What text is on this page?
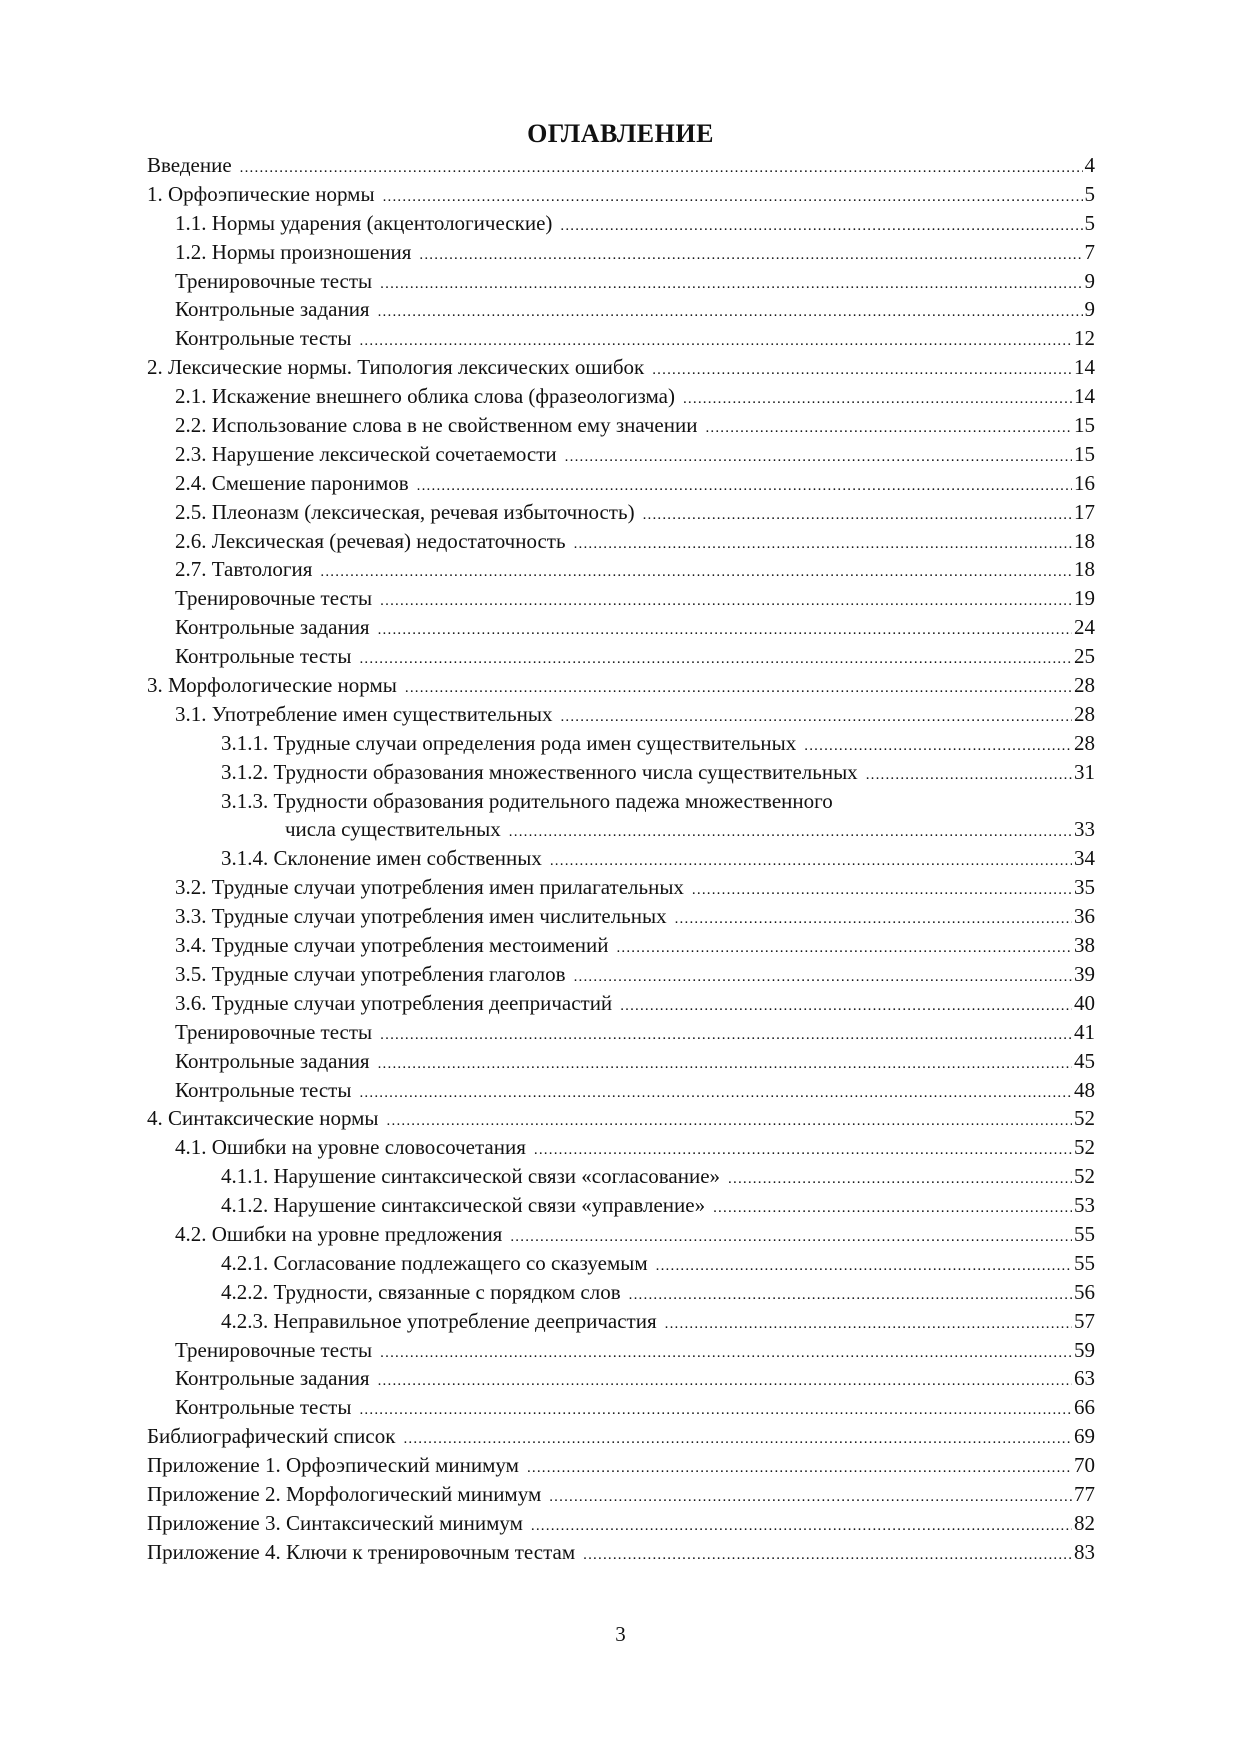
ОГЛАВЛЕНИЕ
Введение .....	4
1. Орфоэпические нормы .....	5
1.1. Нормы ударения (акцентологические) .....	5
1.2. Нормы произношения .....	7
Тренировочные тесты .....	9
Контрольные задания .....	9
Контрольные тесты .....	12
2. Лексические нормы. Типология лексических ошибок .....	14
2.1. Искажение внешнего облика слова (фразеологизма) .....	14
2.2. Использование слова в не свойственном ему значении .....	15
2.3. Нарушение лексической сочетаемости .....	15
2.4. Смешение паронимов .....	16
2.5. Плеоназм (лексическая, речевая избыточность) .....	17
2.6. Лексическая (речевая) недостаточность .....	18
2.7. Тавтология .....	18
Тренировочные тесты .....	19
Контрольные задания .....	24
Контрольные тесты .....	25
3. Морфологические нормы .....	28
3.1. Употребление имен существительных .....	28
3.1.1. Трудные случаи определения рода имен существительных .....	28
3.1.2. Трудности образования множественного числа существительных .....	31
3.1.3. Трудности образования родительного падежа множественного
числа существительных .....	33
3.1.4. Склонение имен собственных .....	34
3.2. Трудные случаи употребления имен прилагательных .....	35
3.3. Трудные случаи употребления имен числительных .....	36
3.4. Трудные случаи употребления местоимений .....	38
3.5. Трудные случаи употребления глаголов .....	39
3.6. Трудные случаи употребления деепричастий .....	40
Тренировочные тесты .....	41
Контрольные задания .....	45
Контрольные тесты .....	48
4. Синтаксические нормы .....	52
4.1. Ошибки на уровне словосочетания .....	52
4.1.1. Нарушение синтаксической связи «согласование» .....	52
4.1.2. Нарушение синтаксической связи «управление» .....	53
4.2. Ошибки на уровне предложения .....	55
4.2.1. Согласование подлежащего со сказуемым .....	55
4.2.2. Трудности, связанные с порядком слов .....	56
4.2.3. Неправильное употребление деепричастия .....	57
Тренировочные тесты .....	59
Контрольные задания .....	63
Контрольные тесты .....	66
Библиографический список .....	69
Приложение 1. Орфоэпический минимум .....	70
Приложение 2. Морфологический минимум .....	77
Приложение 3. Синтаксический минимум .....	82
Приложение 4. Ключи к тренировочным тестам .....	83
3
